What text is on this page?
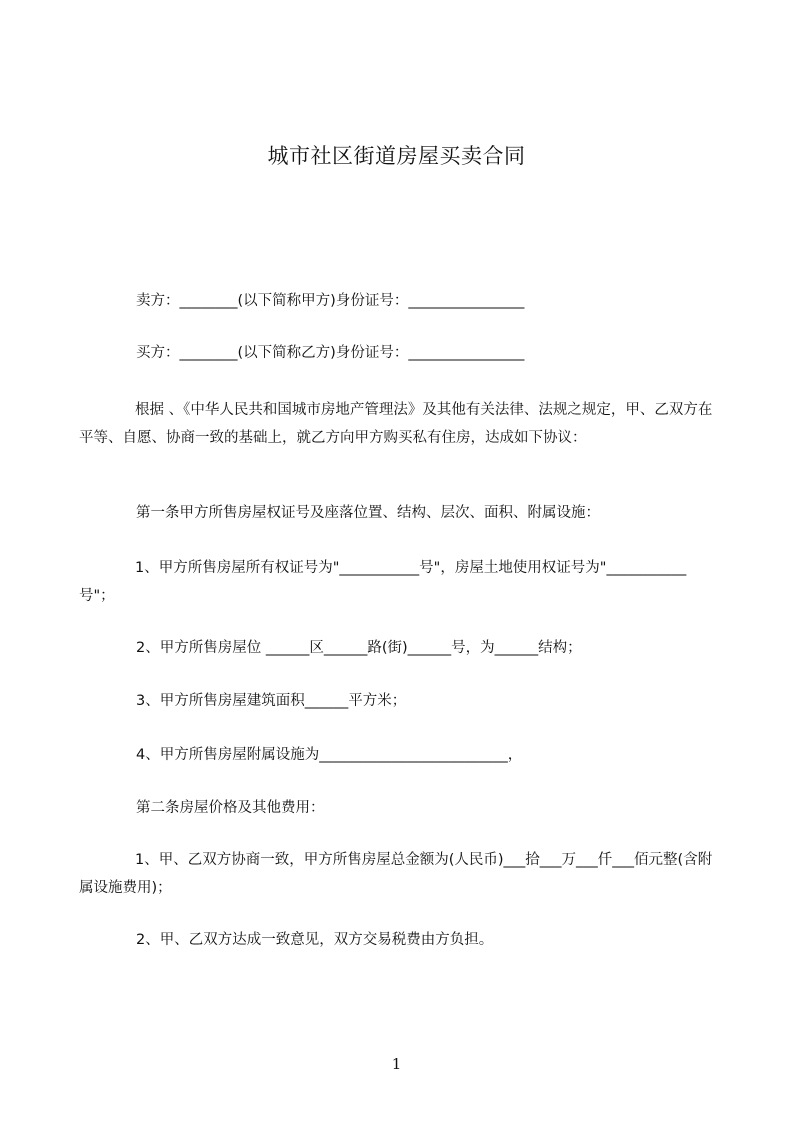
城市社区街道房屋买卖合同
卖方：________(以下简称甲方)身份证号：________________
买方：________(以下简称乙方)身份证号：________________
根据 、《中华人民共和国城市房地产管理法》及其他有关法律、法规之规定，甲、乙双方在平等、自愿、协商一致的基础上，就乙方向甲方购买私有住房，达成如下协议：
第一条甲方所售房屋权证号及座落位置、结构、层次、面积、附属设施：
1、甲方所售房屋所有权证号为"___________号"，房屋土地使用权证号为"___________号"；
2、甲方所售房屋位 ______区______路(街)______号，为______结构；
3、甲方所售房屋建筑面积______平方米；
4、甲方所售房屋附属设施为__________________________，
第二条房屋价格及其他费用：
1、甲、乙双方协商一致，甲方所售房屋总金额为(人民币)___拾___万___仟___佰元整(含附属设施费用)；
2、甲、乙双方达成一致意见，双方交易税费由方负担。
1
